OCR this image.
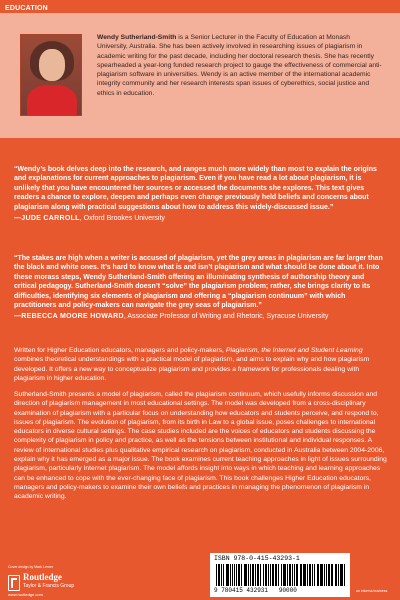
EDUCATION
Wendy Sutherland-Smith is a Senior Lecturer in the Faculty of Education at Monash University, Australia. She has been actively involved in researching issues of plagiarism in academic writing for the past decade, including her doctoral research thesis. She has recently spearheaded a year-long funded research project to gauge the effectiveness of commercial anti-plagiarism software in universities. Wendy is an active member of the international academic integrity community and her research interests span issues of cyberethics, social justice and ethics in education.
“Wendy’s book delves deep into the research, and ranges much more widely than most to explain the origins and explanations for current approaches to plagiarism. Even if you have read a lot about plagiarism, it is unlikely that you have encountered her sources or accessed the documents she explores. This text gives readers a chance to explore, deepen and perhaps even change previously held beliefs and concerns about plagiarism along with practical suggestions about how to address this widely-discussed issue.”
—JUDE CARROLL, Oxford Brookes University
“The stakes are high when a writer is accused of plagiarism, yet the grey areas in plagiarism are far larger than the black and white ones. It’s hard to know what is and isn’t plagiarism and what should be done about it. Into these morass steps, Wendy Sutherland-Smith offering an illuminating synthesis of authorship theory and critical pedagogy. Sutherland-Smith doesn’t “solve” the plagiarism problem; rather, she brings clarity to its difficulties, identifying six elements of plagiarism and offering a “plagiarism continuum” with which practitioners and policy-makers can navigate the grey seas of plagiarism.”
—REBECCA MOORE HOWARD, Associate Professor of Writing and Rhetoric, Syracuse University
Written for Higher Education educators, managers and policy-makers, Plagiarism, the Internet and Student Learning combines theoretical understandings with a practical model of plagiarism, and aims to explain why and how plagiarism developed. It offers a new way to conceptualize plagiarism and provides a framework for professionals dealing with plagiarism in higher education.
Sutherland-Smith presents a model of plagiarism, called the plagiarism continuum, which usefully informs discussion and direction of plagiarism management in most educational settings. The model was developed from a cross-disciplinary examination of plagiarism with a particular focus on understanding how educators and students perceive, and respond to, issues of plagiarism. The evolution of plagiarism, from its birth in Law to a global issue, poses challenges to international educators in diverse cultural settings. The case studies included are the voices of educators and students discussing the complexity of plagiarism in policy and practice, as well as the tensions between institutional and individual responses. A review of international studies plus qualitative empirical research on plagiarism, conducted in Australia between 2004-2006, explain why it has emerged as a major issue. The book examines current teaching approaches in light of issues surrounding plagiarism, particularly Internet plagiarism. The model affords insight into ways in which teaching and learning approaches can be enhanced to cope with the ever-changing face of plagiarism. This book challenges Higher Education educators, managers and policy-makers to examine their own beliefs and practices in managing the phenomenon of plagiarism in academic writing.
Cover design by Mark Lerner
Routledge
Taylor & Francis Group
www.routledge.com
ISBN 978-0-415-43293-1
9 780415 432931 90000	an informa business
